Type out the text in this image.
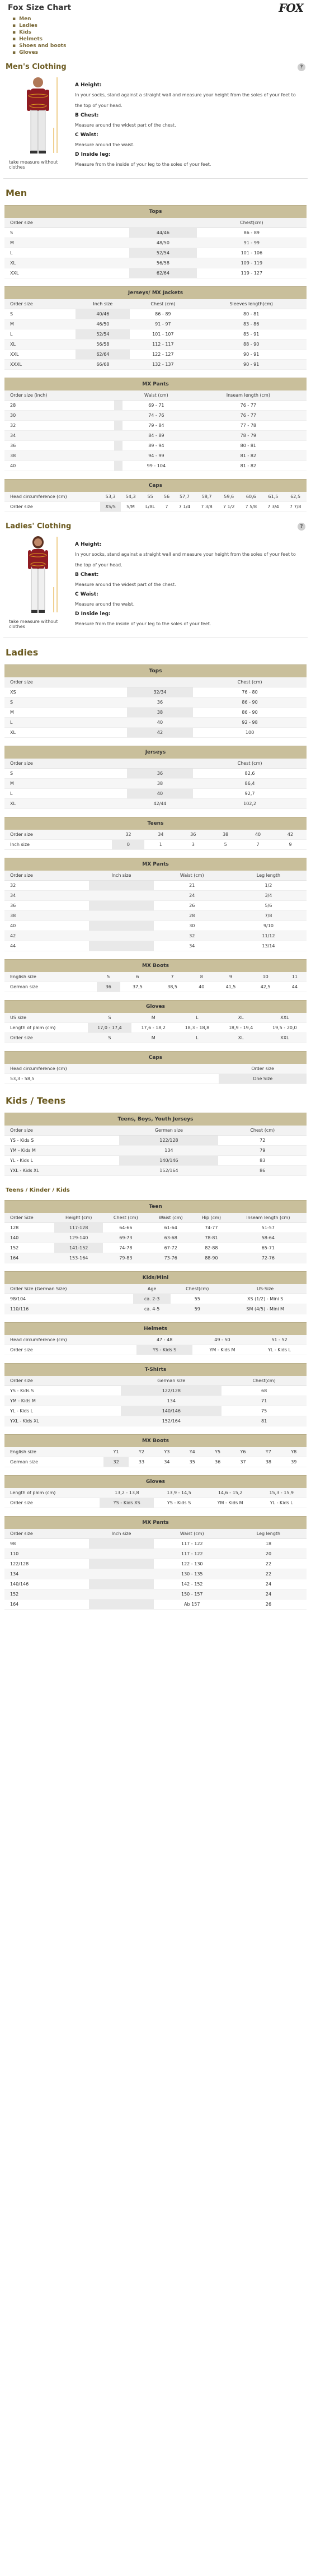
Fox Size Chart	FOX
▪ Men
▪ Ladies
▪ Kids
▪ Helmets
▪ Shoes and boots
▪ Gloves
Men's Clothing	?
take measure without clothes
A Height:
In your socks, stand against a straight wall and measure your height from the soles of your feet to the top of your head.
B Chest:
Measure around the widest part of the chest.
C Waist:
Measure around the waist.
D Inside leg:
Measure from the inside of your leg to the soles of your feet.
Men
Tops
Order size		Chest(cm)
S	44/46	86 - 89
M	48/50	91 - 99
L	52/54	101 - 106
XL	56/58	109 - 119
XXL	62/64	119 - 127
Jerseys/ MX Jackets
Order size	Inch size	Chest (cm)	Sleeves length(cm)
S	40/46	86 - 89	80 - 81
M	46/50	91 - 97	83 - 86
L	52/54	101 - 107	85 - 91
XL	56/58	112 - 117	88 - 90
XXL	62/64	122 - 127	90 - 91
XXXL	66/68	132 - 137	90 - 91
MX Pants
Order size (inch)		Waist (cm)	Inseam length (cm)
28		69 - 71	76 - 77
30		74 - 76	76 - 77
32		79 - 84	77 - 78
34		84 - 89	78 - 79
36		89 - 94	80 - 81
38		94 - 99	81 - 82
40		99 - 104	81 - 82
Caps
Head circumference (cm)	53,3	54,3	55	56	57,7	58,7	59,6	60,6	61,5	62,5
Order size	XS/S	S/M	L/XL	7	7 1/4	7 3/8	7 1/2	7 5/8	7 3/4	7 7/8
Ladies' Clothing	?
take measure without clothes
A Height:
In your socks, stand against a straight wall and measure your height from the soles of your feet to the top of your head.
B Chest:
Measure around the widest part of the chest.
C Waist:
Measure around the waist.
D Inside leg:
Measure from the inside of your leg to the soles of your feet.
Ladies
Tops
Order size		Chest (cm)
XS	32/34	76 - 80
S	36	86 - 90
M	38	86 - 90
L	40	92 - 98
XL	42	100
Jerseys
Order size		Chest (cm)
S	36	82,6
M	38	86,4
L	40	92,7
XL	42/44	102,2
Teens
Order size	32	34	36	38	40	42
Inch size	0	1	3	5	7	9
MX Pants
Order size	Inch size	Waist (cm)	Leg length
32		21	1/2
34		24	3/4
36		26	5/6
38		28	7/8
40		30	9/10
42		32	11/12
44		34	13/14
MX Boots
English size	5	6	7	8	9	10	11
German size	36	37,5	38,5	40	41,5	42,5	44
Gloves
US size	S	M	L	XL	XXL
Length of palm (cm)	17,0 - 17,4	17,6 - 18,2	18,3 - 18,8	18,9 - 19,4	19,5 - 20,0
Order size	S	M	L	XL	XXL
Caps
Head circumference (cm)	Order size
53,3 - 58,5	One Size
Kids / Teens
Teens, Boys, Youth Jerseys
Order size	German size	Chest (cm)
YS - Kids S	122/128	72
YM - Kids M	134	79
YL - Kids L	140/146	83
YXL - Kids XL	152/164	86
Teens / Kinder / Kids
Teen
Order Size	Height (cm)	Chest (cm)	Waist (cm)	Hip (cm)	Inseam length (cm)
128	117-128	64-66	61-64	74-77	51-57
140	129-140	69-73	63-68	78-81	58-64
152	141-152	74-78	67-72	82-88	65-71
164	153-164	79-83	73-76	88-90	72-76
Kids/Mini
Order Size (German Size)	Age	Chest(cm)	US-Size
98/104	ca. 2-3	55	XS (1/2) - Mini S
110/116	ca. 4-5	59	SM (4/5) - Mini M
Helmets
Head circumference (cm)	47 - 48	49 - 50	51 - 52
Order size	YS - Kids S	YM - Kids M	YL - Kids L
T-Shirts
Order size	German size	Chest(cm)
YS - Kids S	122/128	68
YM - Kids M	134	71
YL - Kids L	140/146	75
YXL - Kids XL	152/164	81
MX Boots
English size	Y1	Y2	Y3	Y4	Y5	Y6	Y7	Y8
German size	32	33	34	35	36	37	38	39
Gloves
Length of palm (cm)	13,2 - 13,8	13,9 - 14,5	14,6 - 15,2	15,3 - 15,9
Order size	YS - Kids XS	YS - Kids S	YM - Kids M	YL - Kids L
MX Pants
Order size	Inch size	Waist (cm)	Leg length
98		117 - 122	18
110		117 - 122	20
122/128		122 - 130	22
134		130 - 135	22
140/146		142 - 152	24
152		150 - 157	24
164		Ab 157	26
